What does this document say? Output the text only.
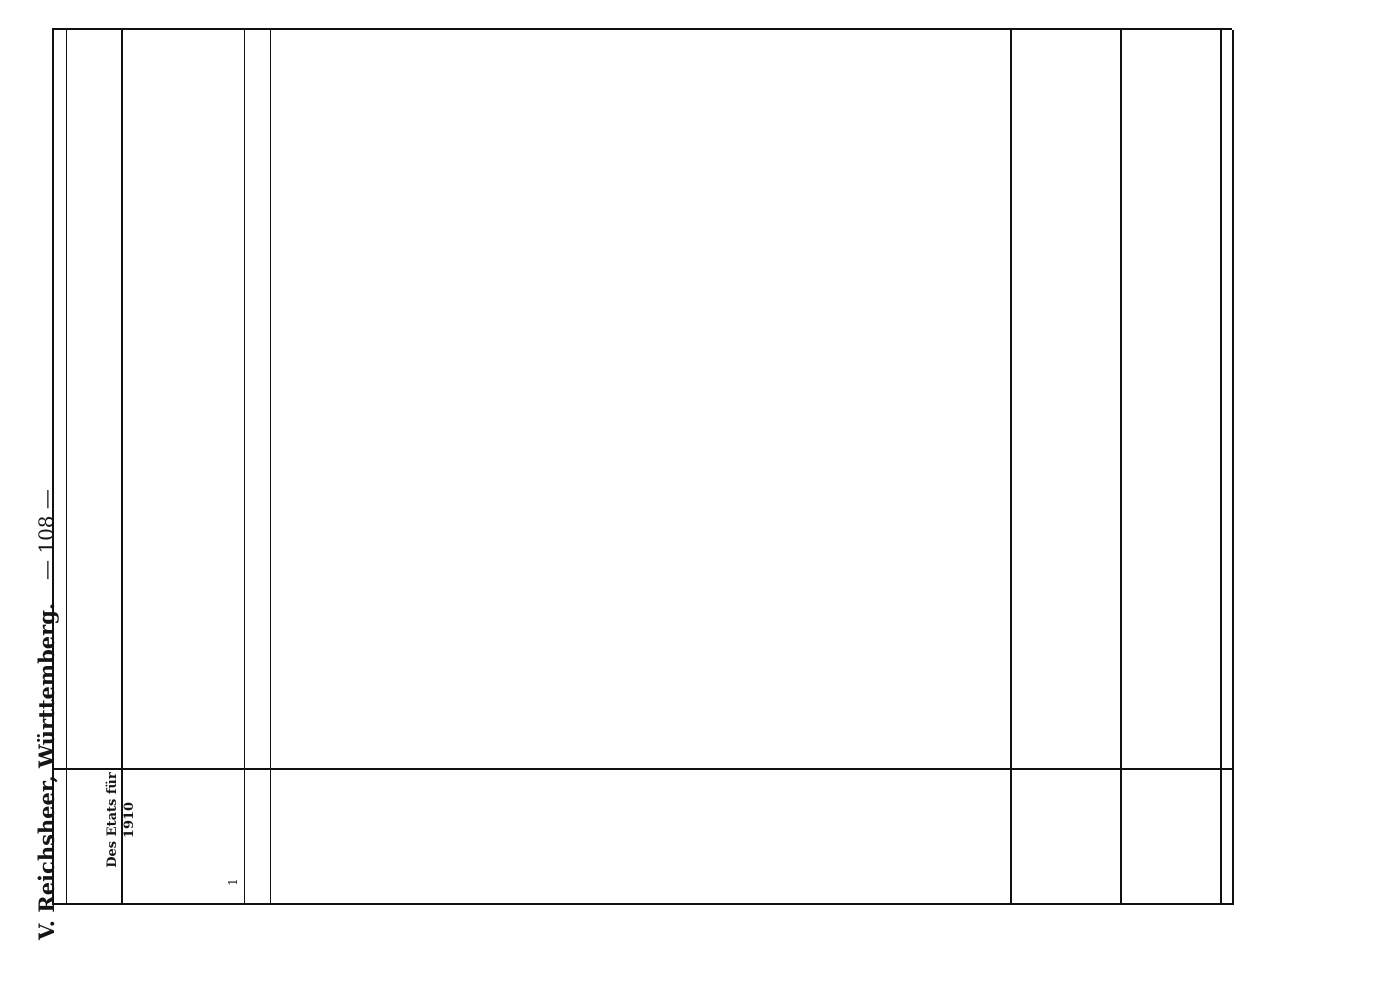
V. Reichsheer, Württemberg.
— 108 —
1
Des Etats für 1910
